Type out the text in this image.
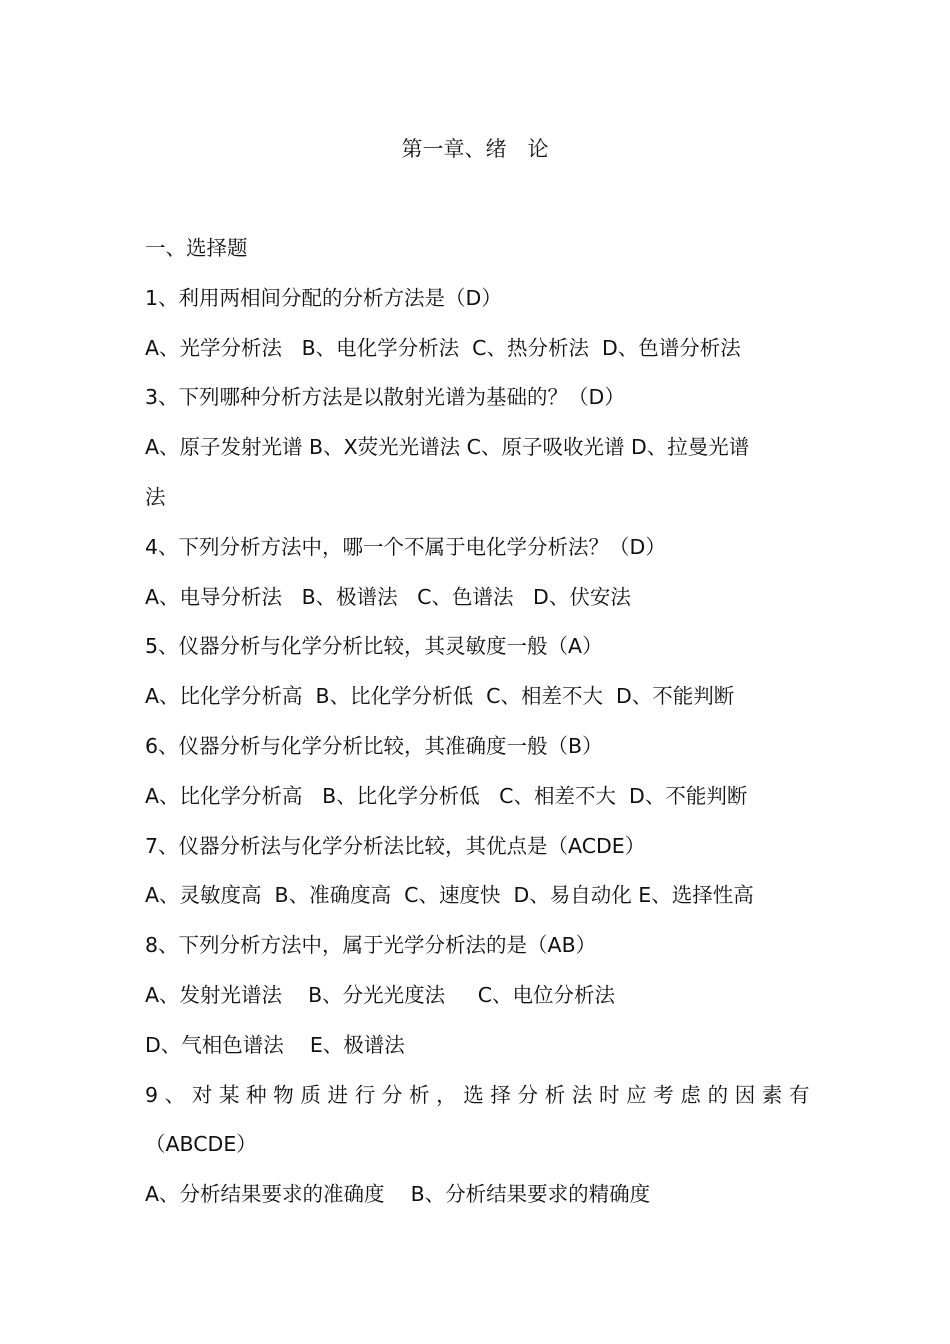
第一章、绪　论
一、选择题
1、利用两相间分配的分析方法是（D）
A、光学分析法   B、电化学分析法  C、热分析法  D、色谱分析法
3、下列哪种分析方法是以散射光谱为基础的？（D）
A、原子发射光谱 B、X荧光光谱法 C、原子吸收光谱 D、拉曼光谱
法
4、下列分析方法中，哪一个不属于电化学分析法？（D）
A、电导分析法   B、极谱法   C、色谱法   D、伏安法
5、仪器分析与化学分析比较，其灵敏度一般（A）
A、比化学分析高  B、比化学分析低  C、相差不大  D、不能判断
6、仪器分析与化学分析比较，其准确度一般（B）
A、比化学分析高   B、比化学分析低   C、相差不大  D、不能判断
7、仪器分析法与化学分析法比较，其优点是（ACDE）
A、灵敏度高  B、准确度高  C、速度快  D、易自动化 E、选择性高
8、下列分析方法中，属于光学分析法的是（AB）
A、发射光谱法    B、分光光度法     C、电位分析法
D、气相色谱法    E、极谱法
9、对某种物质进行分析，选择分析法时应考虑的因素有
（ABCDE）
A、分析结果要求的准确度    B、分析结果要求的精确度
